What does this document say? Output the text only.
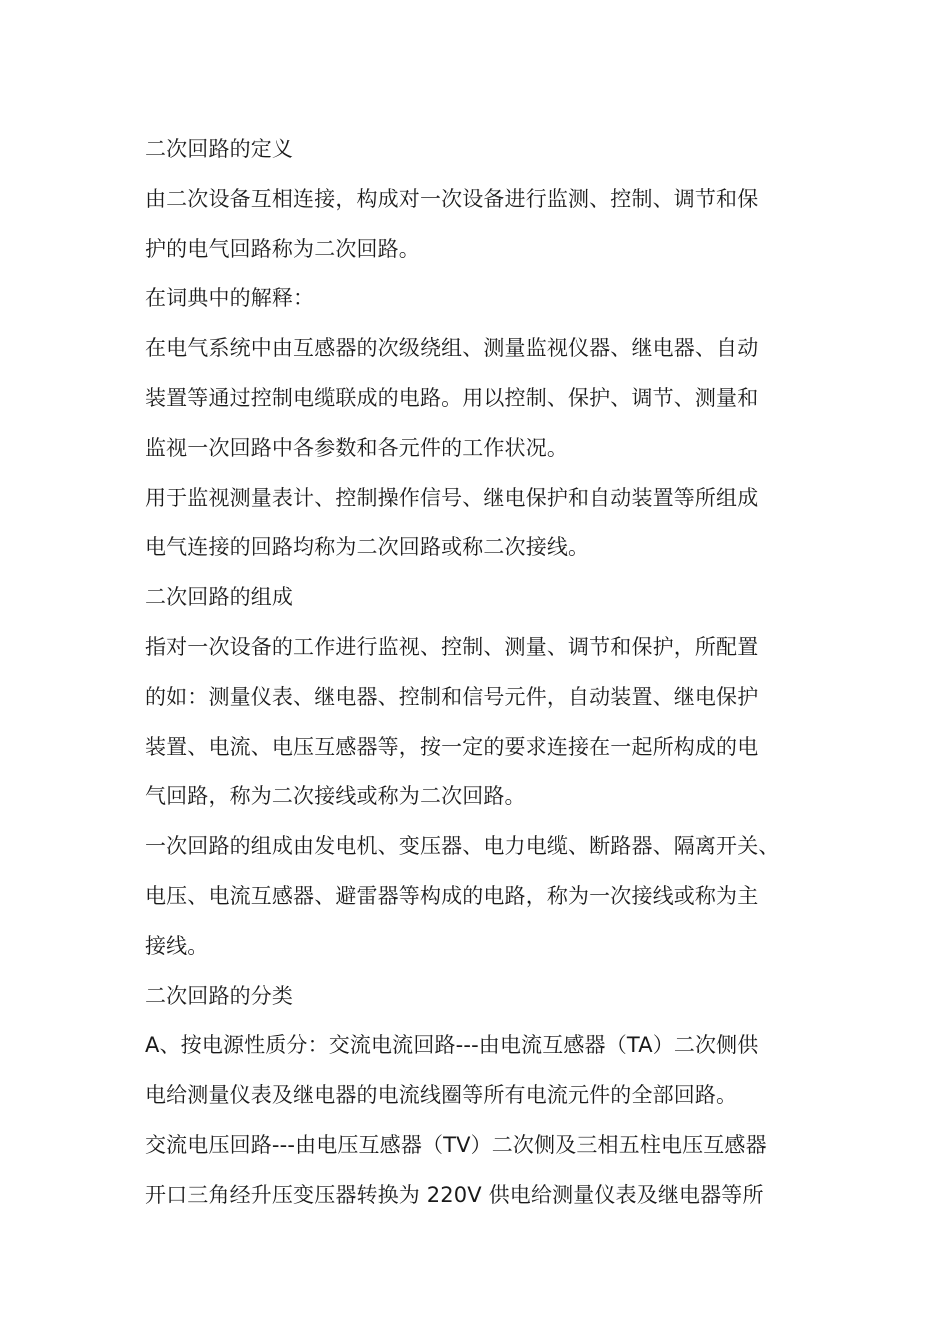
二次回路的定义
由二次设备互相连接，构成对一次设备进行监测、控制、调节和保
护的电气回路称为二次回路。
在词典中的解释：
在电气系统中由互感器的次级绕组、测量监视仪器、继电器、自动
装置等通过控制电缆联成的电路。用以控制、保护、调节、测量和
监视一次回路中各参数和各元件的工作状况。
用于监视测量表计、控制操作信号、继电保护和自动装置等所组成
电气连接的回路均称为二次回路或称二次接线。
二次回路的组成
指对一次设备的工作进行监视、控制、测量、调节和保护，所配置
的如：测量仪表、继电器、控制和信号元件，自动装置、继电保护
装置、电流、电压互感器等，按一定的要求连接在一起所构成的电
气回路，称为二次接线或称为二次回路。
一次回路的组成由发电机、变压器、电力电缆、断路器、隔离开关、
电压、电流互感器、避雷器等构成的电路，称为一次接线或称为主
接线。
二次回路的分类
A、按电源性质分：交流电流回路---由电流互感器（TA）二次侧供
电给测量仪表及继电器的电流线圈等所有电流元件的全部回路。
交流电压回路---由电压互感器（TV）二次侧及三相五柱电压互感器
开口三角经升压变压器转换为 220V 供电给测量仪表及继电器等所
